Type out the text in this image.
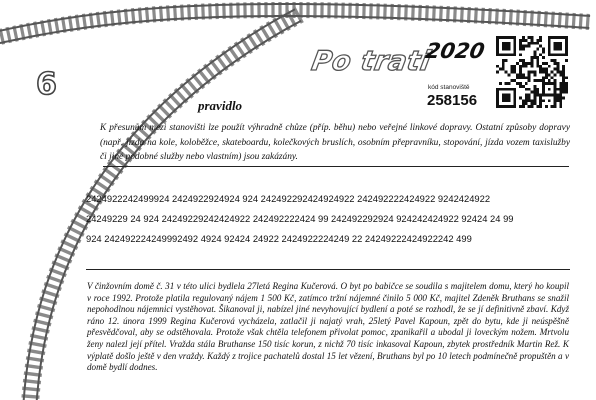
6
Po trati
2020
kód stanoviště
258156
pravidlo
K přesunům mezi stanovišti lze použít výhradně chůze (příp. běhu) nebo veřejné linkové dopravy. Ostatní způsoby dopravy (např. jízda na kole, koloběžce, skateboardu, kolečkových bruslích, osobním přepravníku, stopování, jízda vozem taxislužby či jiné podobné služby nebo vlastním) jsou zakázány.
2424922242499924 2424922924924 924 242492292424924922 242492222424922 9242424922
24249229 24 924 24249229242424922 242492222424 99 242492292924 924242424922 92424 24 99
924 242492224249992492 4924 92424 24922 2424922224249 22 24249222424922242 499
V činžovním domě č. 31 v této ulici bydlela 27letá Regina Kučerová. O byt po babičce se soudila s majitelem domu, který ho koupil v roce 1992. Protože platila regulovaný nájem 1 500 Kč, zatímco tržní nájemné činilo 5 000 Kč, majitel Zdeněk Bruthans se snažil nepohodlnou nájemnici vystěhovat. Šikanoval ji, nabízel jiné nevyhovující bydlení a poté se rozhodl, že se jí definitivně zbaví. Když ráno 12. února 1999 Regina Kučerová vycházela, zatlačil ji najatý vrah, 25letý Pavel Kapoun, zpět do bytu, kde ji neúspěšně přesvědčoval, aby se odstěhovala. Protože však chtěla telefonem přivolat pomoc, zpanikařil a ubodal ji loveckým nožem. Mrtvolu ženy nalezl její přítel. Vražda stála Bruthanse 150 tisíc korun, z nichž 70 tisíc inkasoval Kapoun, zbytek prostředník Martin Rež. K výplatě došlo ještě v den vraždy. Každý z trojice pachatelů dostal 15 let vězení, Bruthans byl po 10 letech podmínečně propuštěn a v domě bydlí dodnes.
